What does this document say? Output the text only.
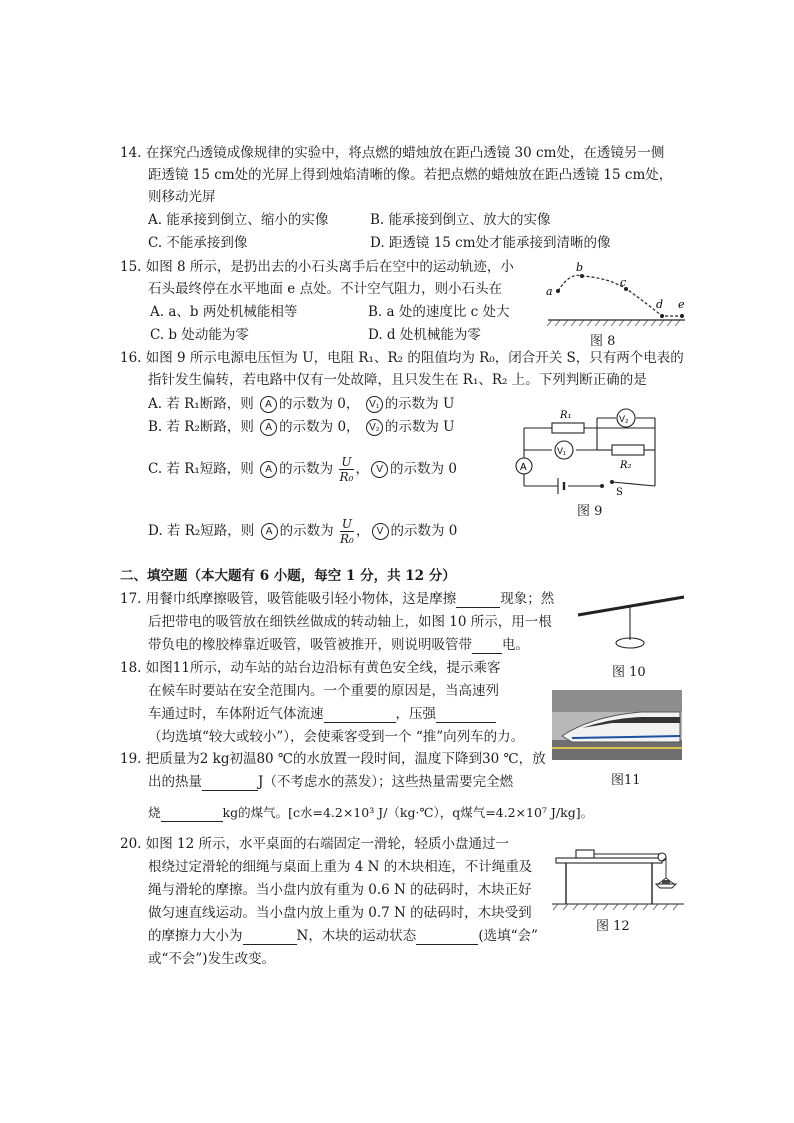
14. 在探究凸透镜成像规律的实验中，将点燃的蜡烛放在距凸透镜 30 cm处，在透镜另一侧
距透镜 15 cm处的光屏上得到烛焰清晰的像。若把点燃的蜡烛放在距凸透镜 15 cm处，
则移动光屏
A. 能承接到倒立、缩小的实像	B. 能承接到倒立、放大的实像
C. 不能承接到像	D. 距透镜 15 cm处才能承接到清晰的像
15. 如图 8 所示，是扔出去的小石头离手后在空中的运动轨迹，小
石头最终停在水平地面 e 点处。不计空气阻力，则小石头在
A. a、b 两处机械能相等	B. a 处的速度比 c 处大
C. b 处动能为零	D. d 处机械能为零
a
b
c
d e
图 8
16. 如图 9 所示电源电压恒为 U，电阻 R₁、R₂ 的阻值均为 R₀，闭合开关 S，只有两个电表的
指针发生偏转，若电路中仅有一处故障，且只发生在 R₁、R₂ 上。下列判断正确的是
A. 若 R₁断路，则 A 的示数为 0， V₁ 的示数为 U
B. 若 R₂断路，则 A 的示数为 0， V₂ 的示数为 U
C. 若 R₁短路，则 A 的示数为 $\frac{U}{\text{R₀}}$ ， V 的示数为 0
D. 若 R₂短路，则 A 的示数为 $\frac{U}{\text{R₀}}$ ， V 的示数为 0
A
V₁
V₂
R₁
R₂
S
图 9
二、填空题（本大题有 6 小题，每空 1 分，共 12 分）
17. 用餐巾纸摩擦吸管，吸管能吸引轻小物体，这是摩擦	现象；然
后把带电的吸管放在细铁丝做成的转动轴上，如图 10 所示，用一根
带负电的橡胶棒靠近吸管，吸管被推开，则说明吸管带 电。
图 10
18. 如图11所示，动车站的站台边沿标有黄色安全线，提示乘客
在候车时要站在安全范围内。一个重要的原因是，当高速列
车通过时，车体附近气体流速	，压强
（均选填“较大或较小”），会使乘客受到一个 “推”向列车的力。
图11
19. 把质量为2 kg初温80 ℃的水放置一段时间，温度下降到30 ℃，放
出的热量	J（不考虑水的蒸发）；这些热量需要完全燃
烧	kg的煤气。[c水=4.2×10³ J/（kg·℃），q煤气=4.2×10⁷ J/kg]。
20. 如图 12 所示，水平桌面的右端固定一滑轮，轻质小盘通过一
根绕过定滑轮的细绳与桌面上重为 4 N 的木块相连，不计绳重及
绳与滑轮的摩擦。当小盘内放有重为 0.6 N 的砝码时，木块正好
做匀速直线运动。当小盘内放上重为 0.7 N 的砝码时，木块受到
的摩擦力大小为	N，木块的运动状态	(选填“会”
或“不会”)发生改变。
图 12
